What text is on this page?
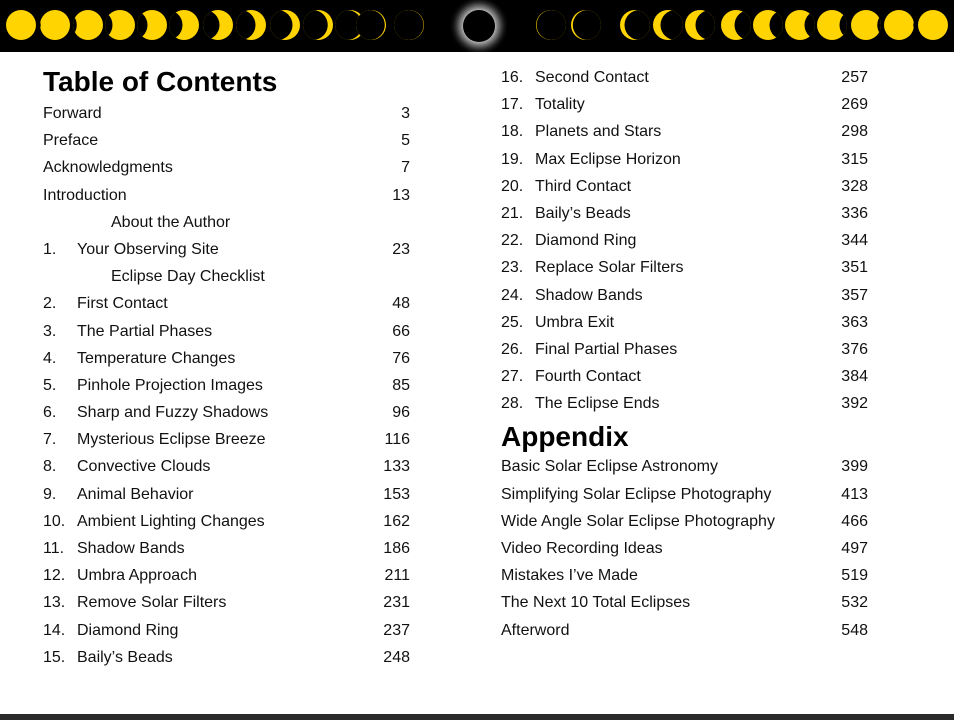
Table of Contents
Forward	3
Preface	5
Acknowledgments	7
Introduction	13
About the Author
1. Your Observing Site	23
Eclipse Day Checklist
2. First Contact	48
3. The Partial Phases	66
4. Temperature Changes	76
5. Pinhole Projection Images	85
6. Sharp and Fuzzy Shadows	96
7. Mysterious Eclipse Breeze	116
8. Convective Clouds	133
9. Animal Behavior	153
10. Ambient Lighting Changes	162
11. Shadow Bands	186
12. Umbra Approach	211
13. Remove Solar Filters	231
14. Diamond Ring	237
15. Baily’s Beads	248
16. Second Contact	257
17. Totality	269
18. Planets and Stars	298
19. Max Eclipse Horizon	315
20. Third Contact	328
21. Baily’s Beads	336
22. Diamond Ring	344
23. Replace Solar Filters	351
24. Shadow Bands	357
25. Umbra Exit	363
26. Final Partial Phases	376
27. Fourth Contact	384
28. The Eclipse Ends	392
Appendix
Basic Solar Eclipse Astronomy	399
Simplifying Solar Eclipse Photography	413
Wide Angle Solar Eclipse Photography	466
Video Recording Ideas	497
Mistakes I’ve Made	519
The Next 10 Total Eclipses	532
Afterword	548
